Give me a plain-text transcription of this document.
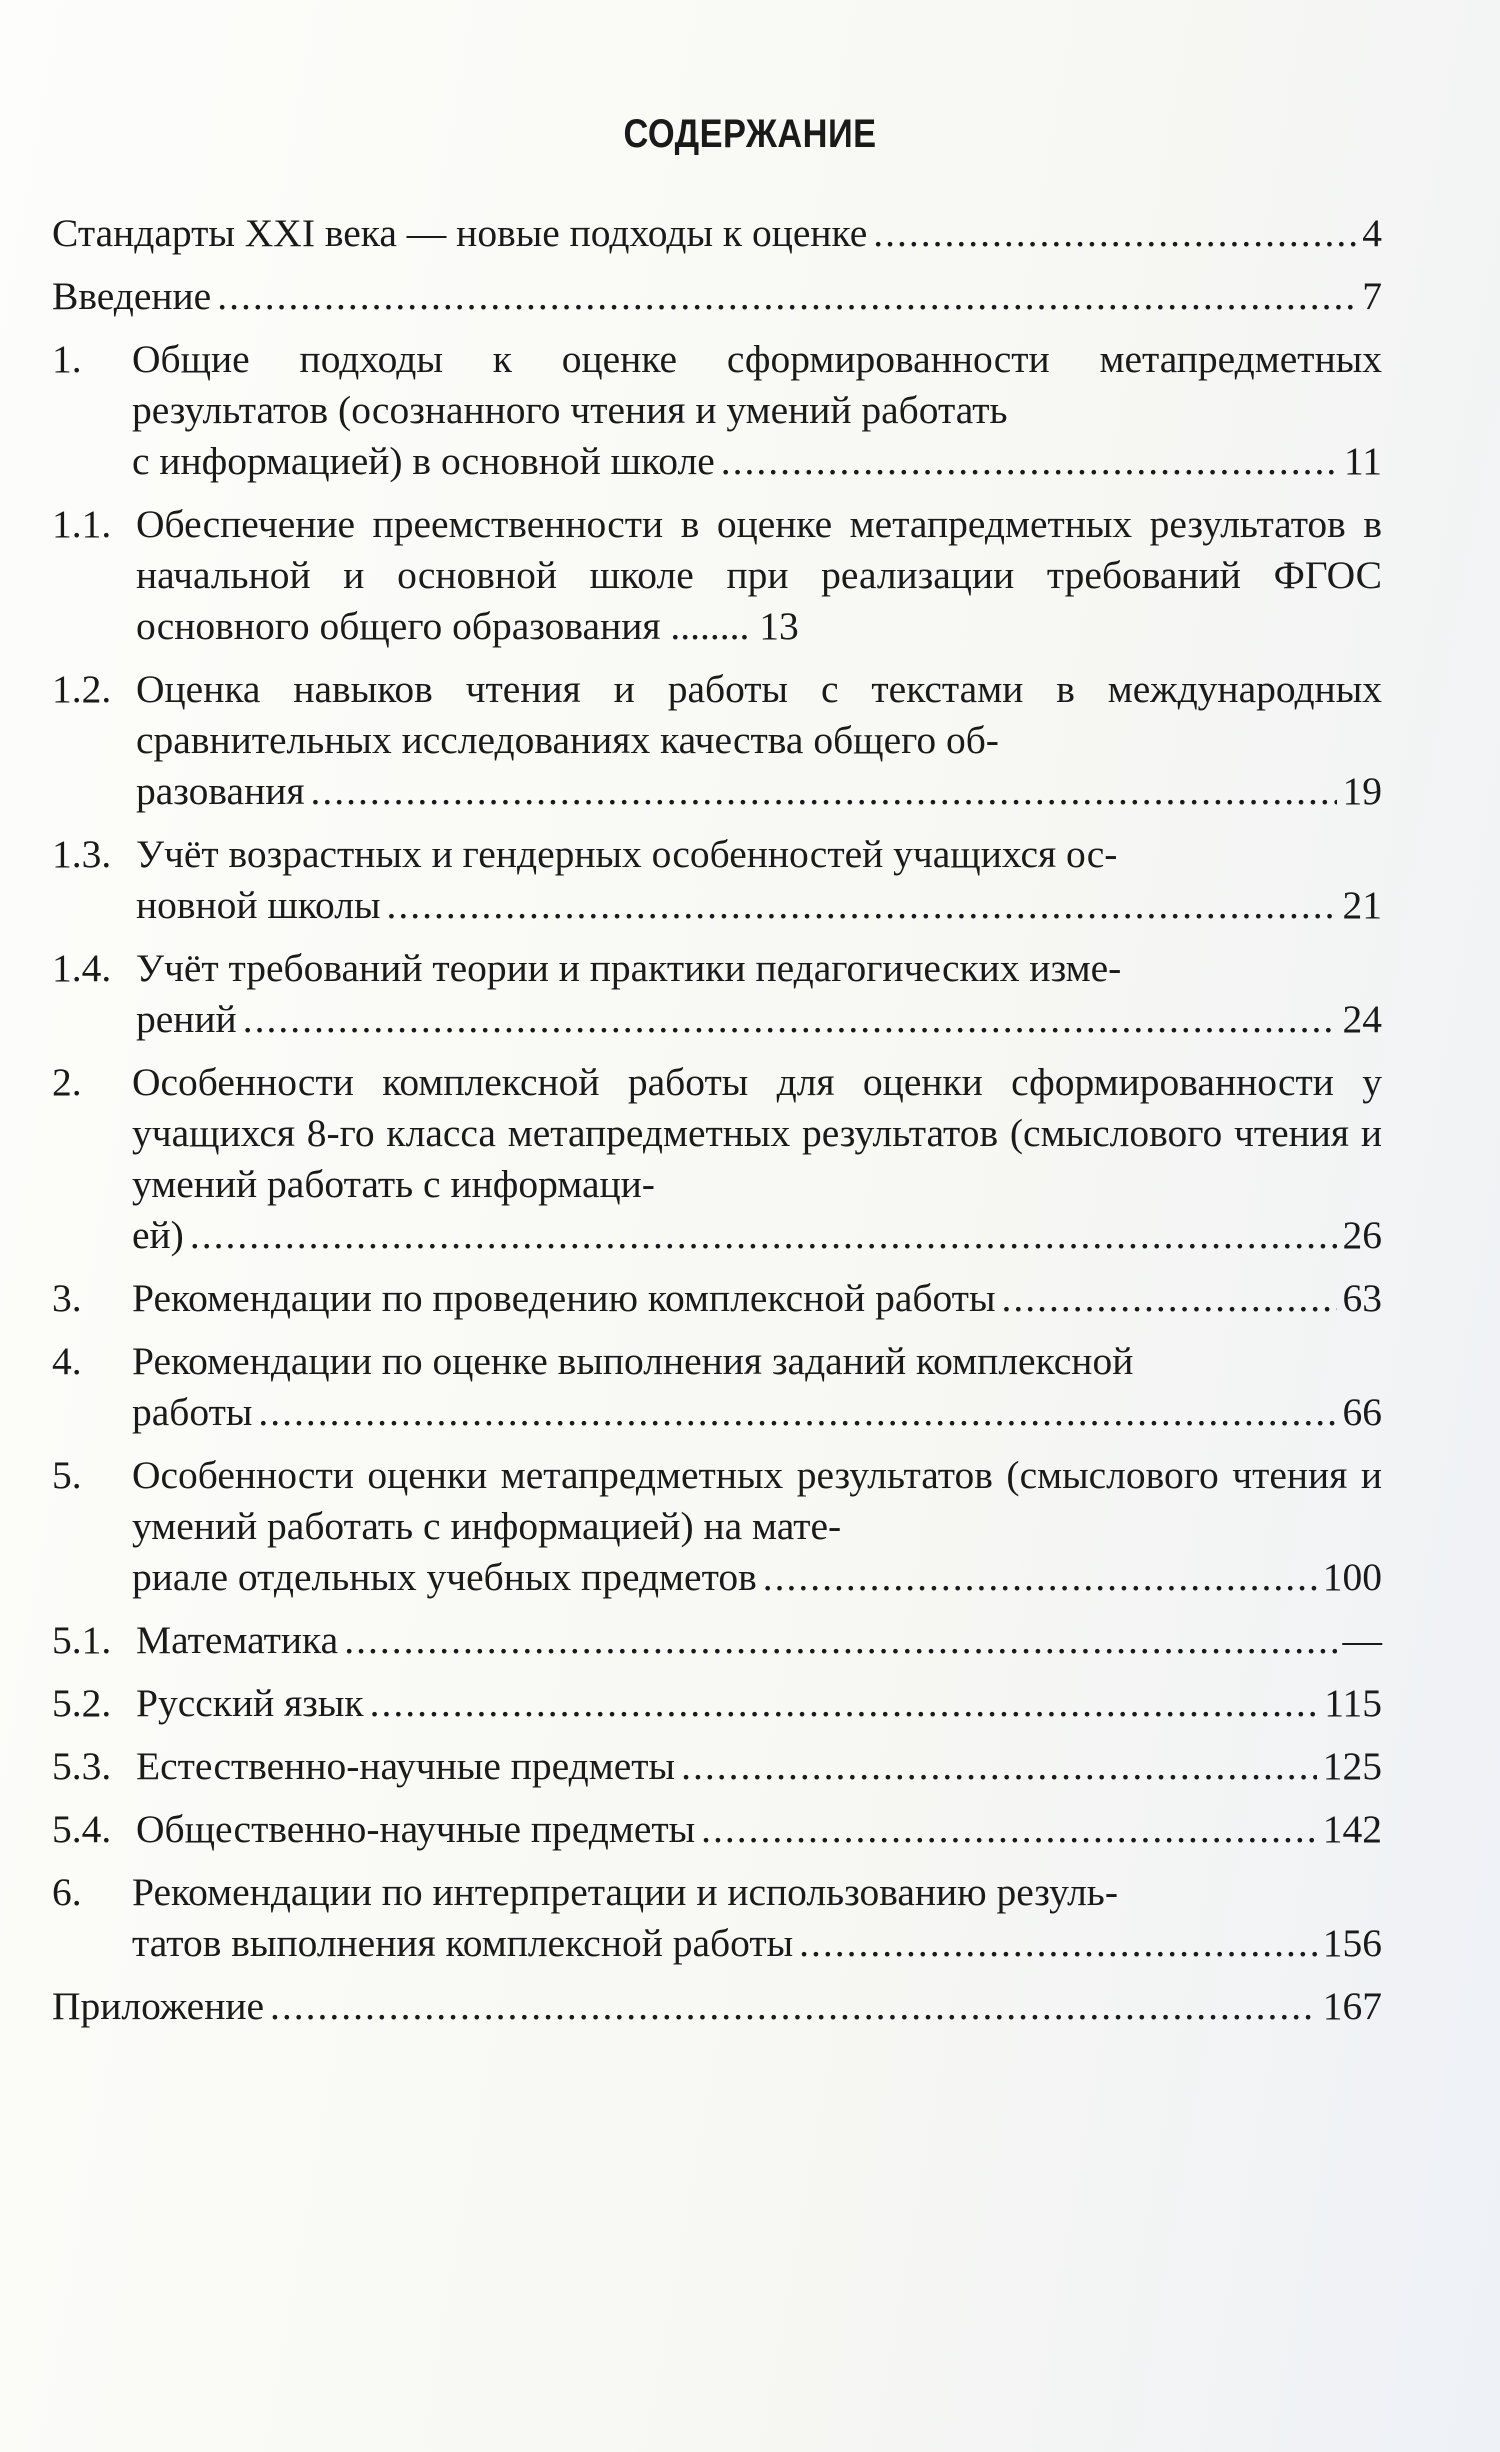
СОДЕРЖАНИЕ
Стандарты XXI века — новые подходы к оценке .....	4
Введение .....	7
1. Общие подходы к оценке сформированности метапредметных результатов (осознанного чтения и умений работать
с информацией) в основной школе .....	11
1.1. Обеспечение преемственности в оценке метапредметных результатов в начальной и основной школе при реализации требований ФГОС основного общего образования ........ 13
1.2. Оценка навыков чтения и работы с текстами в международных сравнительных исследованиях качества общего об-
разования .....	19
1.3. Учёт возрастных и гендерных особенностей учащихся ос-
новной школы .....	21
1.4. Учёт требований теории и практики педагогических изме-
рений .....	24
2. Особенности комплексной работы для оценки сформированности у учащихся 8-го класса метапредметных результатов (смыслового чтения и умений работать с информаци-
ей) .....	26
3. Рекомендации по проведению комплексной работы .....	63
4. Рекомендации по оценке выполнения заданий комплексной
работы .....	66
5. Особенности оценки метапредметных результатов (смыслового чтения и умений работать с информацией) на мате-
риале отдельных учебных предметов .....	100
5.1. Математика .....	—
5.2. Русский язык .....	115
5.3. Естественно-научные предметы .....	125
5.4. Общественно-научные предметы .....	142
6. Рекомендации по интерпретации и использованию резуль-
татов выполнения комплексной работы .....	156
Приложение .....	167
